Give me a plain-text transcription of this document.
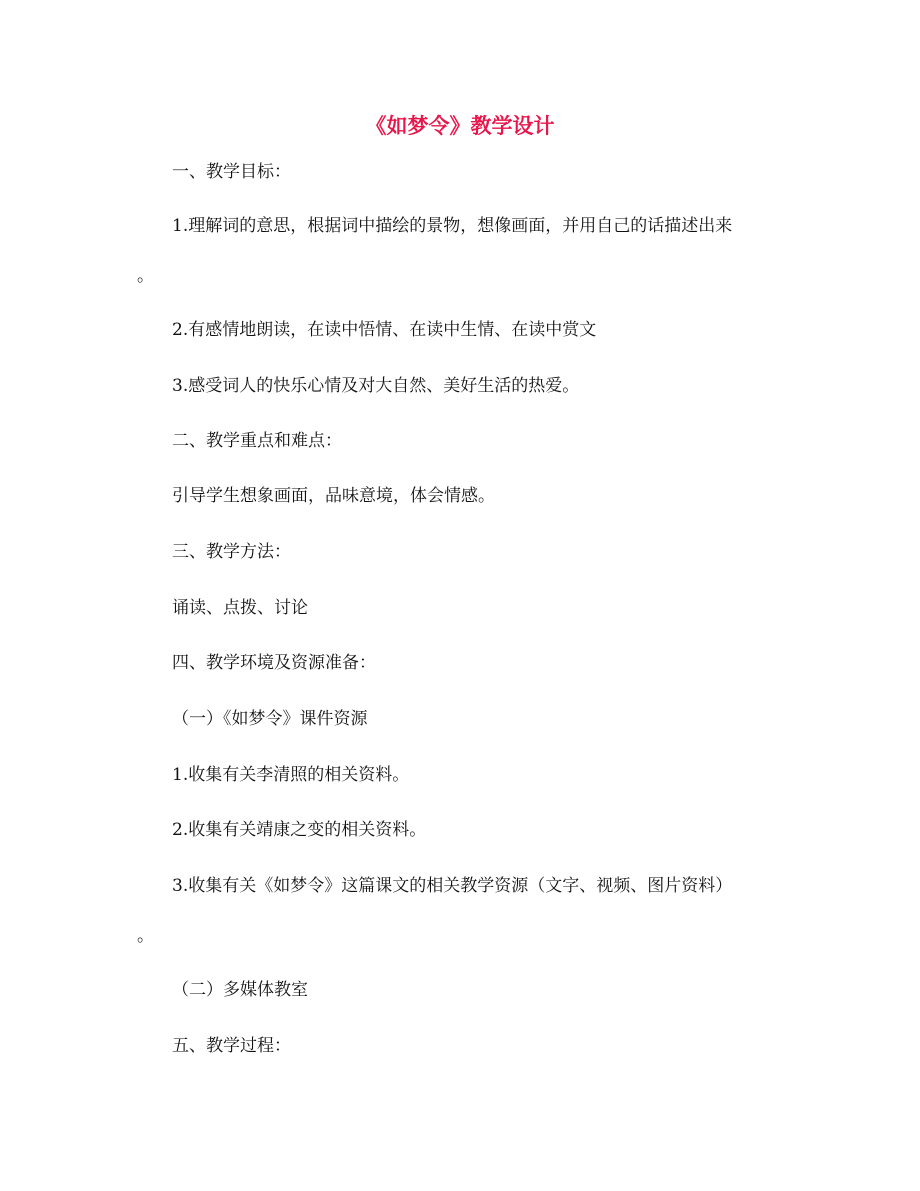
《如梦令》教学设计
一、教学目标：
1.理解词的意思，根据词中描绘的景物，想像画面，并用自己的话描述出来
。
2.有感情地朗读，在读中悟情、在读中生情、在读中赏文
3.感受词人的快乐心情及对大自然、美好生活的热爱。
二、教学重点和难点：
引导学生想象画面，品味意境，体会情感。
三、教学方法：
诵读、点拨、讨论
四、教学环境及资源准备：
（一）《如梦令》课件资源
1.收集有关李清照的相关资料。
2.收集有关靖康之变的相关资料。
3.收集有关《如梦令》这篇课文的相关教学资源（文字、视频、图片资料）
。
（二）多媒体教室
五、教学过程：
